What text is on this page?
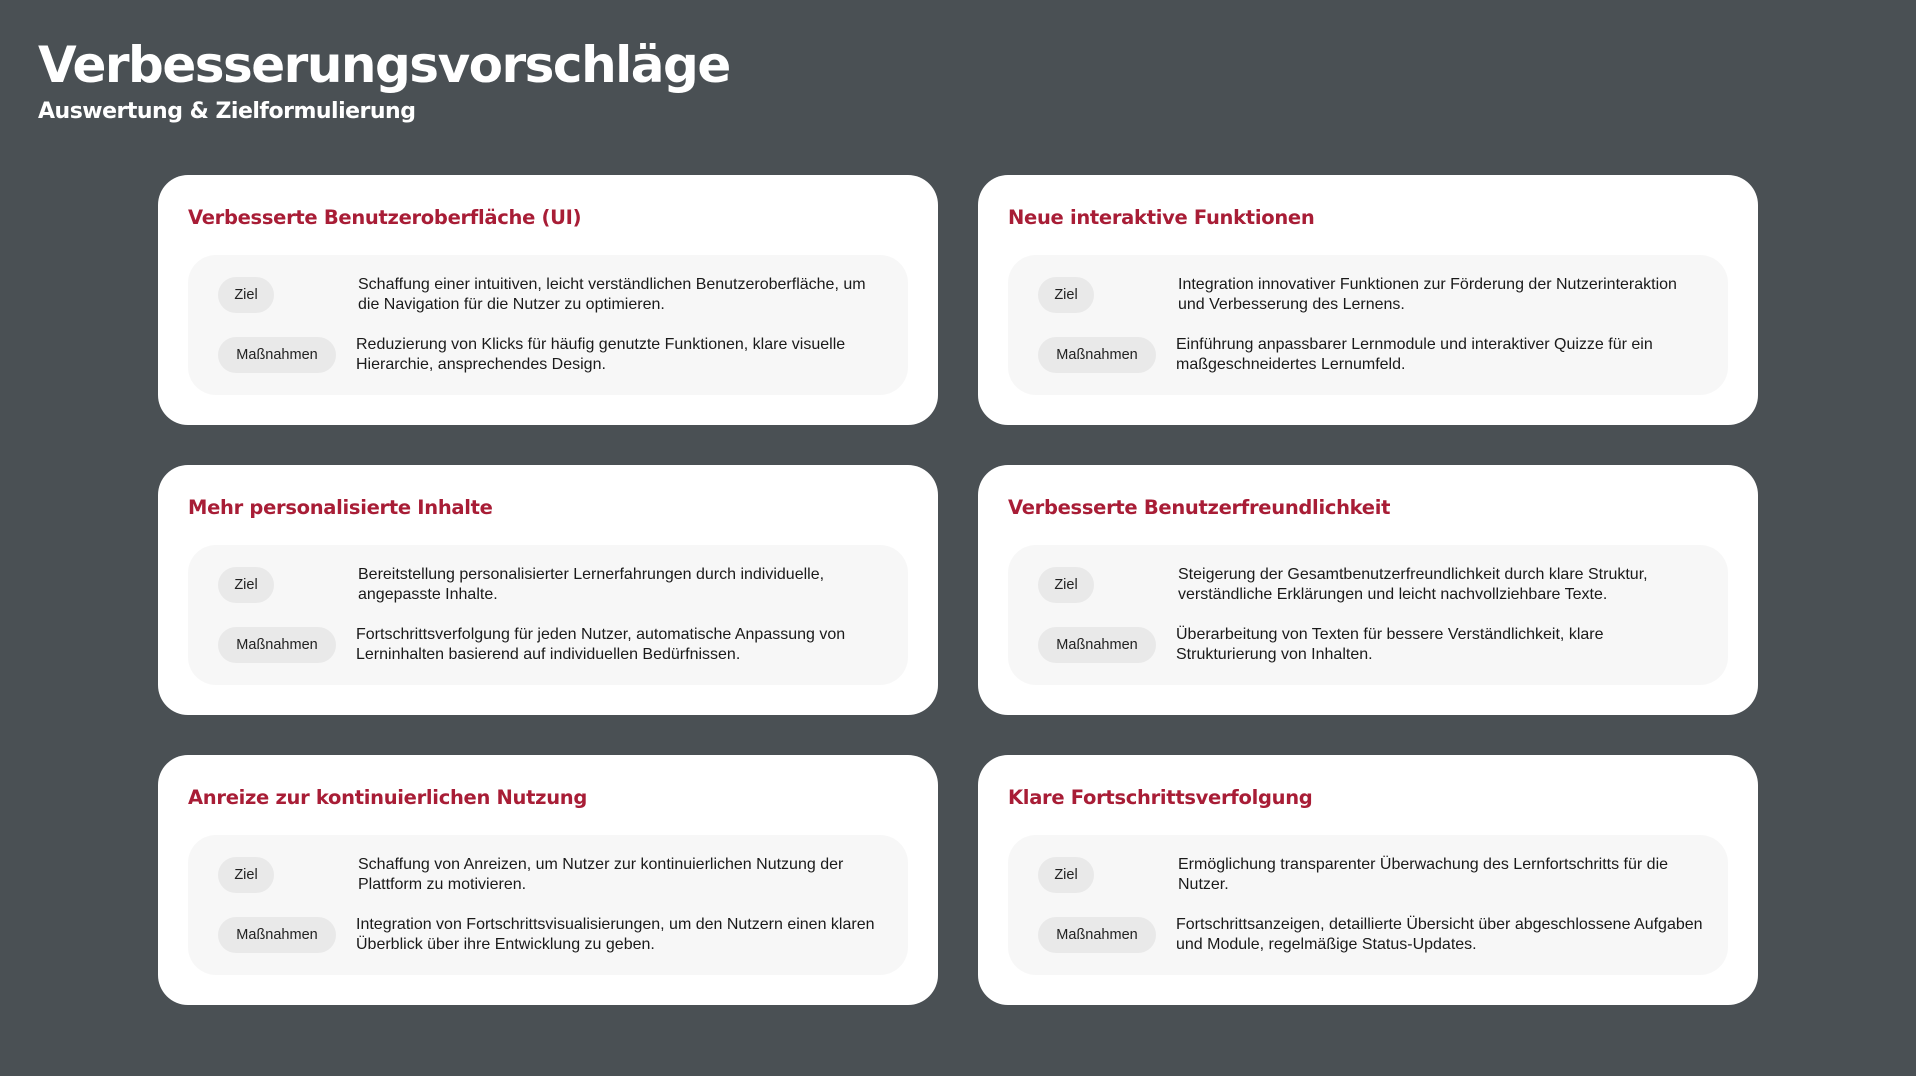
Verbesserungsvorschläge
Auswertung & Zielformulierung
Verbesserte Benutzeroberfläche (UI)
Ziel
Schaffung einer intuitiven, leicht verständlichen Benutzeroberfläche, um die Navigation für die Nutzer zu optimieren.
Maßnahmen
Reduzierung von Klicks für häufig genutzte Funktionen, klare visuelle Hierarchie, ansprechendes Design.
Neue interaktive Funktionen
Ziel
Integration innovativer Funktionen zur Förderung der Nutzerinteraktion und Verbesserung des Lernens.
Maßnahmen
Einführung anpassbarer Lernmodule und interaktiver Quizze für ein maßgeschneidertes Lernumfeld.
Mehr personalisierte Inhalte
Ziel
Bereitstellung personalisierter Lernerfahrungen durch individuelle, angepasste Inhalte.
Maßnahmen
Fortschrittsverfolgung für jeden Nutzer, automatische Anpassung von Lerninhalten basierend auf individuellen Bedürfnissen.
Verbesserte Benutzerfreundlichkeit
Ziel
Steigerung der Gesamtbenutzerfreundlichkeit durch klare Struktur, verständliche Erklärungen und leicht nachvollziehbare Texte.
Maßnahmen
Überarbeitung von Texten für bessere Verständlichkeit, klare Strukturierung von Inhalten.
Anreize zur kontinuierlichen Nutzung
Ziel
Schaffung von Anreizen, um Nutzer zur kontinuierlichen Nutzung der Plattform zu motivieren.
Maßnahmen
Integration von Fortschrittsvisualisierungen, um den Nutzern einen klaren Überblick über ihre Entwicklung zu geben.
Klare Fortschrittsverfolgung
Ziel
Ermöglichung transparenter Überwachung des Lernfortschritts für die Nutzer.
Maßnahmen
Fortschrittsanzeigen, detaillierte Übersicht über abgeschlossene Aufgaben und Module, regelmäßige Status-Updates.
